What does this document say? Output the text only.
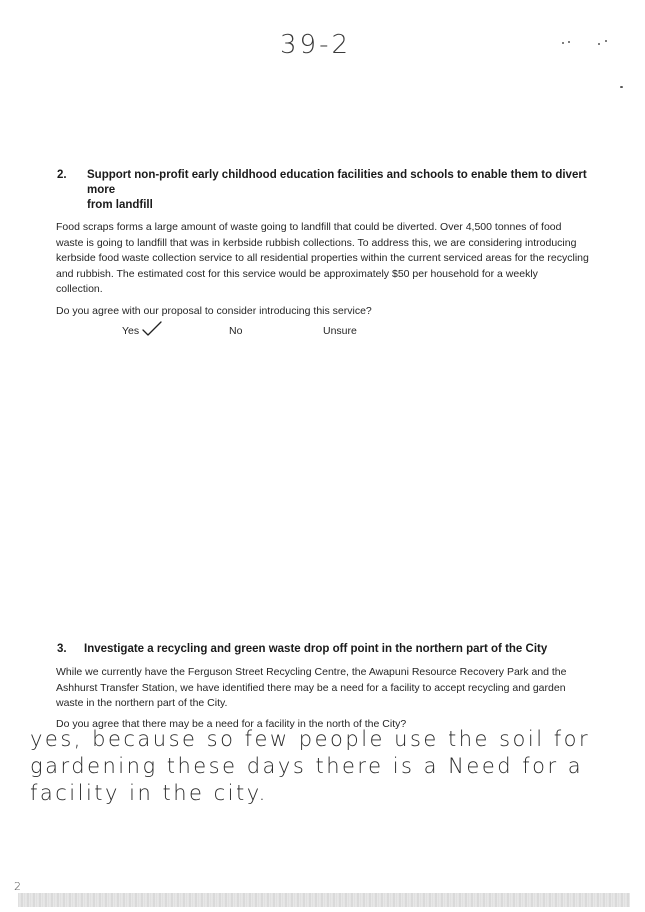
39-2
2. Support non-profit early childhood education facilities and schools to enable them to divert
more
from landfill
Food scraps forms a large amount of waste going to landfill that could be diverted. Over 4,500 tonnes of food
waste is going to landfill that was in kerbside rubbish collections. To address this, we are considering introducing
kerbside food waste collection service to all residential properties within the current serviced areas for the recycling
and rubbish. The estimated cost for this service would be approximately $50 per household for a weekly
collection.
Do you agree with our proposal to consider introducing this service?
Yes	No	Unsure
3. Investigate a recycling and green waste drop off point in the northern part of the City
While we currently have the Ferguson Street Recycling Centre, the Awapuni Resource Recovery Park and the
Ashhurst Transfer Station, we have identified there may be a need for a facility to accept recycling and garden
waste in the northern part of the City.
Do you agree that there may be a need for a facility in the north of the City?
yes, because so few people use the soil for
gardening these days there is a Need for a
facility in the city.
2
